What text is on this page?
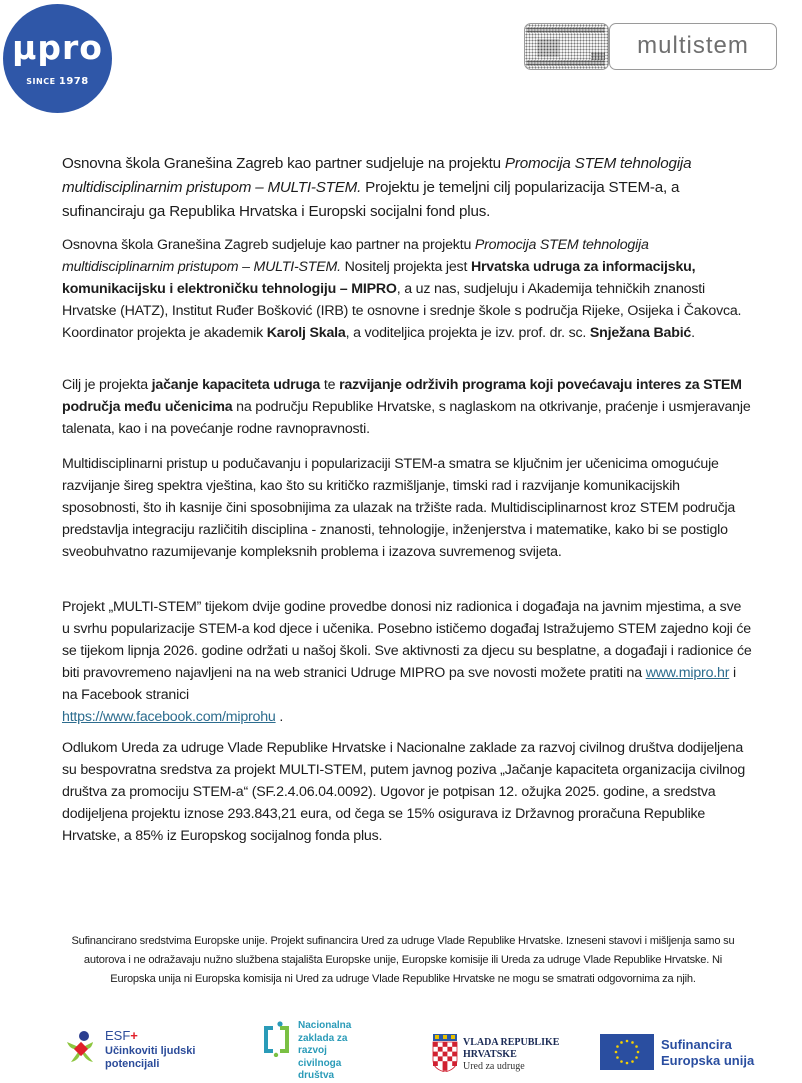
μpro
SINCE 1978
multistem
Osnovna škola Granešina Zagreb kao partner sudjeluje na projektu Promocija STEM tehnologija multidisciplinarnim pristupom – MULTI-STEM. Projektu je temeljni cilj popularizacija STEM-a, a sufinanciraju ga Republika Hrvatska i Europski socijalni fond plus.
Osnovna škola Granešina Zagreb sudjeluje kao partner na projektu Promocija STEM tehnologija multidisciplinarnim pristupom – MULTI-STEM. Nositelj projekta jest Hrvatska udruga za informacijsku, komunikacijsku i elektroničku tehnologiju – MIPRO, a uz nas, sudjeluju i Akademija tehničkih znanosti Hrvatske (HATZ), Institut Ruđer Bošković (IRB) te osnovne i srednje škole s područja Rijeke, Osijeka i Čakovca. Koordinator projekta je akademik Karolj Skala, a voditeljica projekta je izv. prof. dr. sc. Snježana Babić.
Cilj je projekta jačanje kapaciteta udruga te razvijanje održivih programa koji povećavaju interes za STEM područja među učenicima na području Republike Hrvatske, s naglaskom na otkrivanje, praćenje i usmjeravanje talenata, kao i na povećanje rodne ravnopravnosti.
Multidisciplinarni pristup u podučavanju i popularizaciji STEM-a smatra se ključnim jer učenicima omogućuje razvijanje šireg spektra vještina, kao što su kritičko razmišljanje, timski rad i razvijanje komunikacijskih sposobnosti, što ih kasnije čini sposobnijima za ulazak na tržište rada. Multidisciplinarnost kroz STEM područja predstavlja integraciju različitih disciplina - znanosti, tehnologije, inženjerstva i matematike, kako bi se postiglo sveobuhvatno razumijevanje kompleksnih problema i izazova suvremenog svijeta.
Projekt „MULTI-STEM” tijekom dvije godine provedbe donosi niz radionica i događaja na javnim mjestima, a sve u svrhu popularizacije STEM-a kod djece i učenika. Posebno ističemo događaj Istražujemo STEM zajedno koji će se tijekom lipnja 2026. godine održati u našoj školi. Sve aktivnosti za djecu su besplatne, a događaji i radionice će biti pravovremeno najavljeni na na web stranici Udruge MIPRO pa sve novosti možete pratiti na www.mipro.hr i na Facebook stranici
https://www.facebook.com/miprohu .
Odlukom Ureda za udruge Vlade Republike Hrvatske i Nacionalne zaklade za razvoj civilnog društva dodijeljena su bespovratna sredstva za projekt MULTI-STEM, putem javnog poziva „Jačanje kapaciteta organizacija civilnog društva za promociju STEM-a“ (SF.2.4.06.04.0092). Ugovor je potpisan 12. ožujka 2025. godine, a sredstva dodijeljena projektu iznose 293.843,21 eura, od čega se 15% osigurava iz Državnog proračuna Republike Hrvatske, a 85% iz Europskog socijalnog fonda plus.
Sufinancirano sredstvima Europske unije. Projekt sufinancira Ured za udruge Vlade Republike Hrvatske. Izneseni stavovi i mišljenja samo su autorova i ne odražavaju nužno službena stajališta Europske unije, Europske komisije ili Ureda za udruge Vlade Republike Hrvatske. Ni Europska unija ni Europska komisija ni Ured za udruge Vlade Republike Hrvatske ne mogu se smatrati odgovornima za njih.
ESF+
Učinkoviti ljudski
potencijali
Nacionalna
zaklada za
razvoj
civilnoga
društva
VLADA REPUBLIKE
HRVATSKE
Ured za udruge
Sufinancira
Europska unija
